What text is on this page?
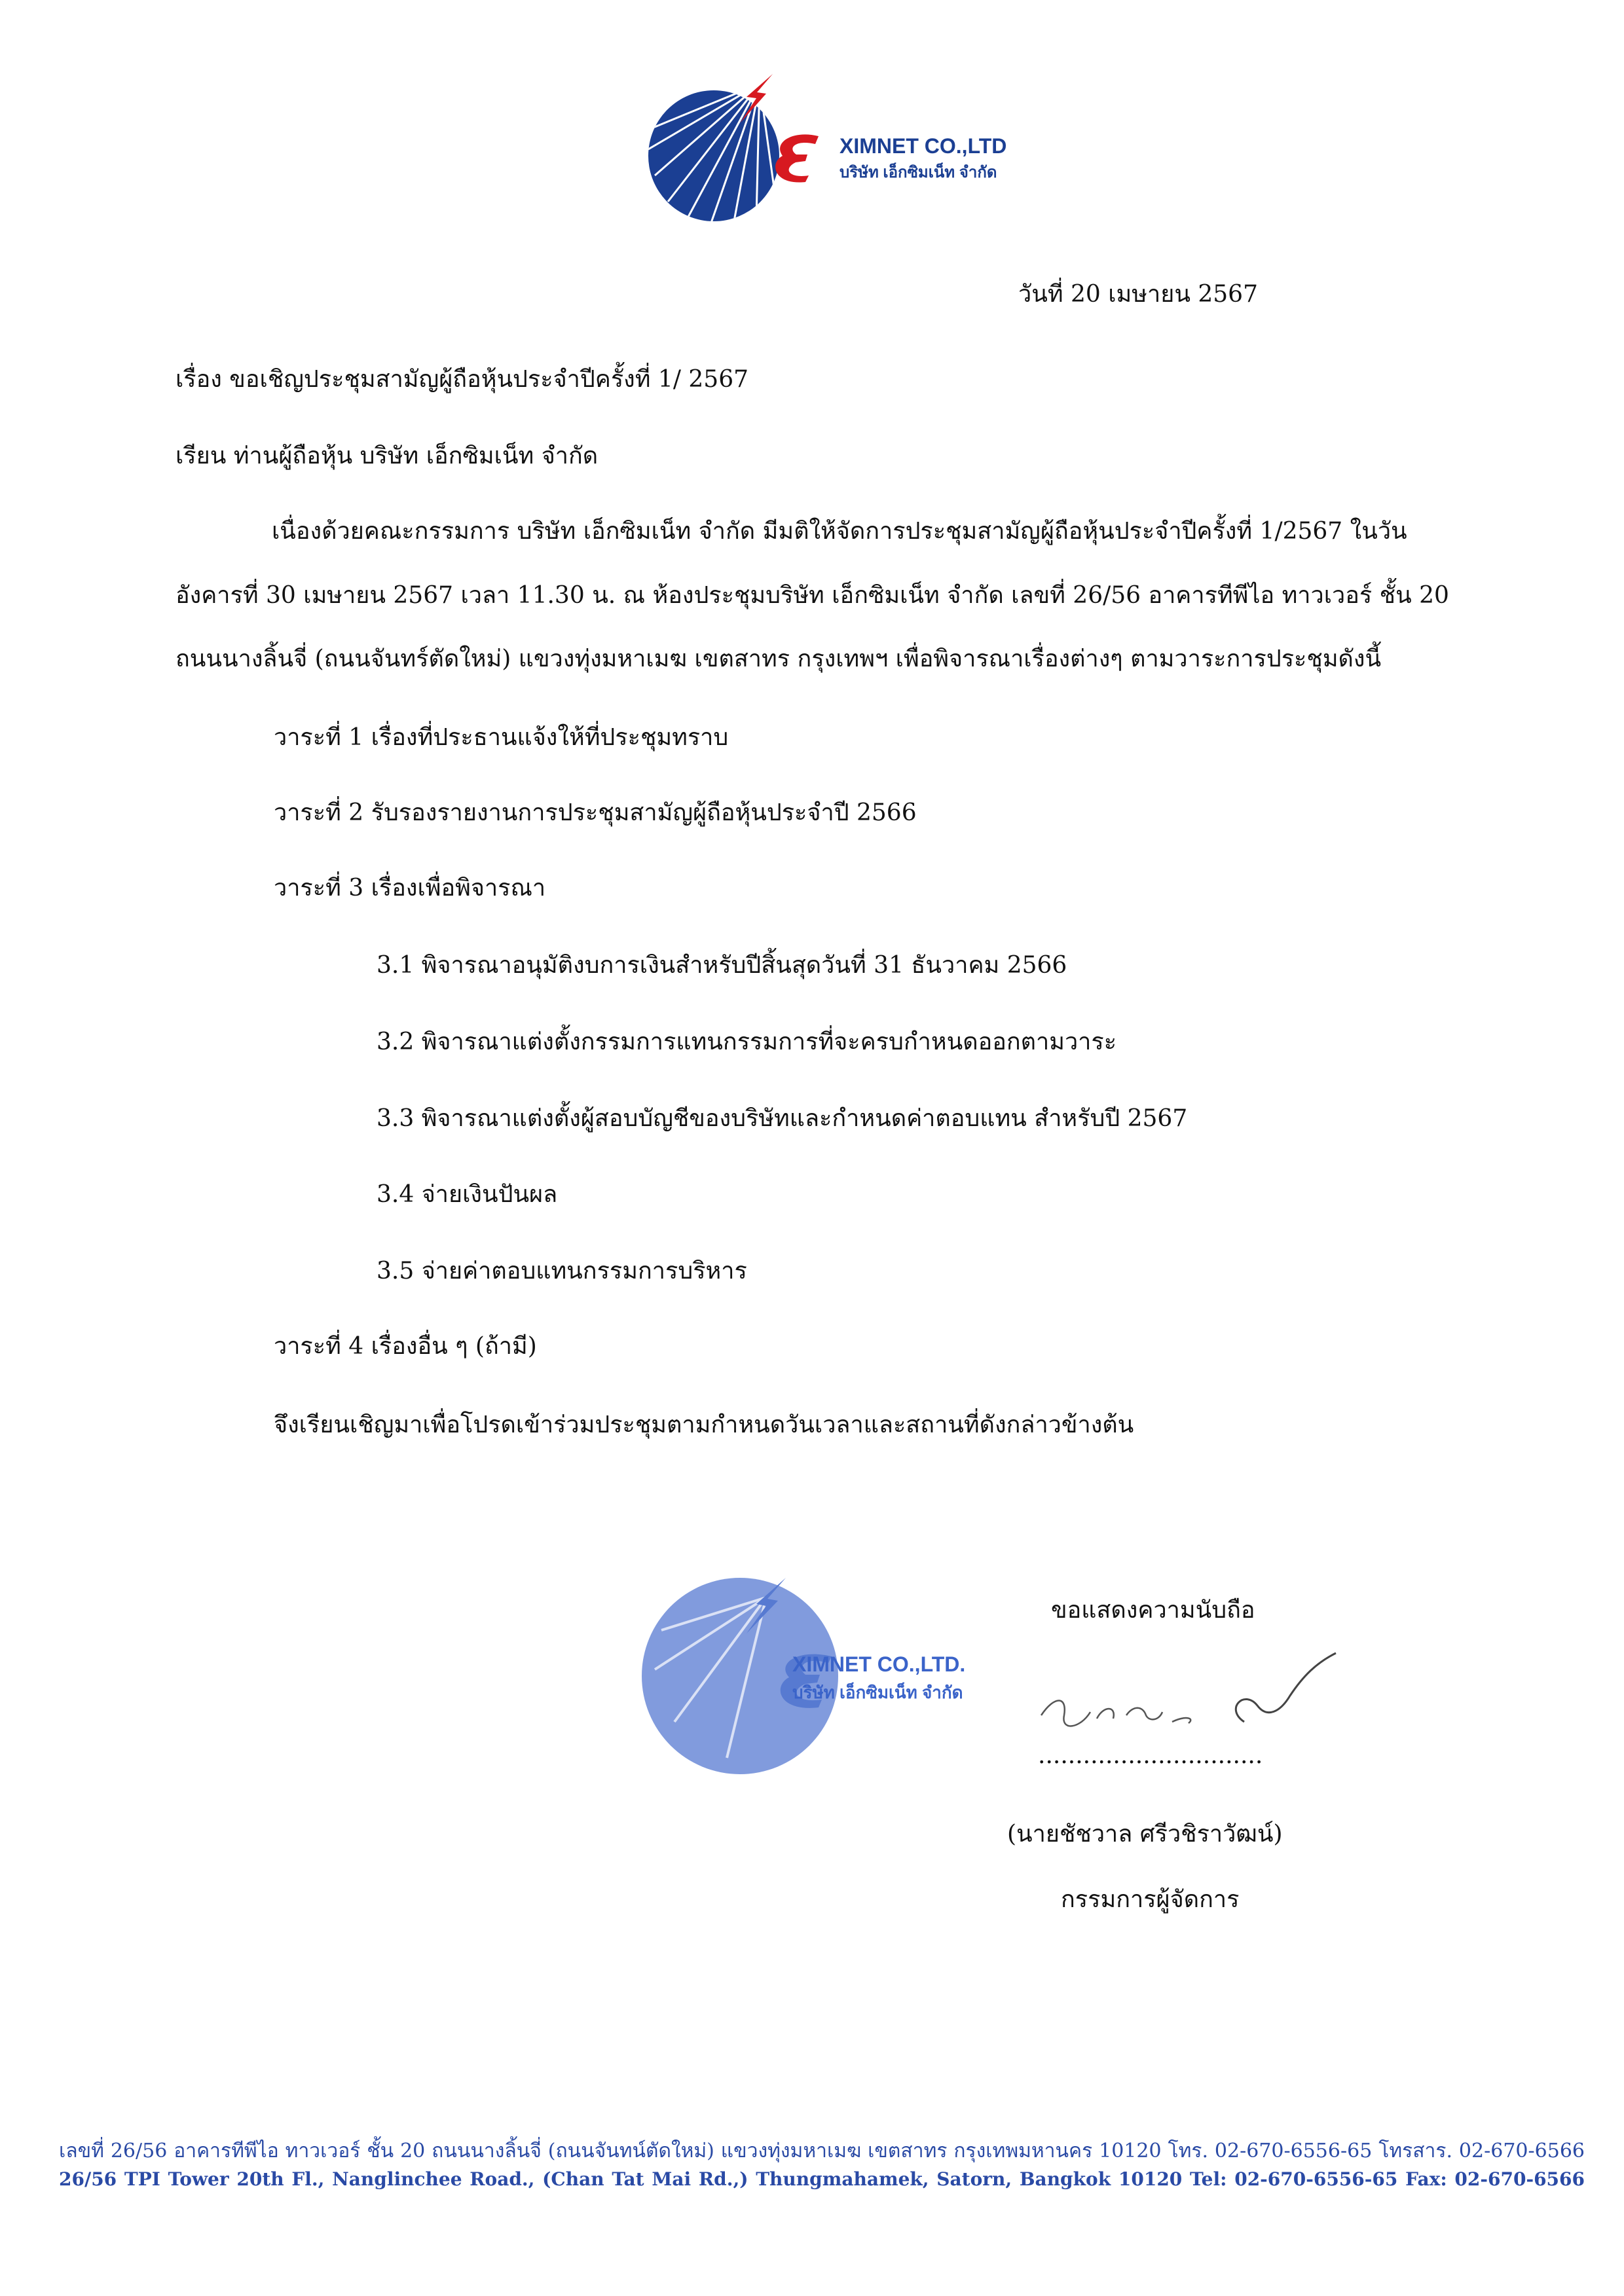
XIMNET CO.,LTD
บริษัท เอ็กซิมเน็ท จำกัด
วันที่ 20 เมษายน 2567
เรื่อง ขอเชิญประชุมสามัญผู้ถือหุ้นประจำปีครั้งที่ 1/ 2567
เรียน ท่านผู้ถือหุ้น บริษัท เอ็กซิมเน็ท จำกัด
เนื่องด้วยคณะกรรมการ บริษัท เอ็กซิมเน็ท จำกัด มีมติให้จัดการประชุมสามัญผู้ถือหุ้นประจำปีครั้งที่ 1/2567 ในวัน
อังคารที่ 30 เมษายน 2567 เวลา 11.30 น. ณ ห้องประชุมบริษัท เอ็กซิมเน็ท จำกัด เลขที่ 26/56 อาคารทีพีไอ ทาวเวอร์ ชั้น 20
ถนนนางลิ้นจี่ (ถนนจันทร์ตัดใหม่) แขวงทุ่งมหาเมฆ เขตสาทร กรุงเทพฯ เพื่อพิจารณาเรื่องต่างๆ ตามวาระการประชุมดังนี้
วาระที่ 1 เรื่องที่ประธานแจ้งให้ที่ประชุมทราบ
วาระที่ 2 รับรองรายงานการประชุมสามัญผู้ถือหุ้นประจำปี 2566
วาระที่ 3 เรื่องเพื่อพิจารณา
3.1 พิจารณาอนุมัติงบการเงินสำหรับปีสิ้นสุดวันที่ 31 ธันวาคม 2566
3.2 พิจารณาแต่งตั้งกรรมการแทนกรรมการที่จะครบกำหนดออกตามวาระ
3.3 พิจารณาแต่งตั้งผู้สอบบัญชีของบริษัทและกำหนดค่าตอบแทน สำหรับปี 2567
3.4 จ่ายเงินปันผล
3.5 จ่ายค่าตอบแทนกรรมการบริหาร
วาระที่ 4 เรื่องอื่น ๆ (ถ้ามี)
จึงเรียนเชิญมาเพื่อโปรดเข้าร่วมประชุมตามกำหนดวันเวลาและสถานที่ดังกล่าวข้างต้น
XIMNET CO.,LTD.
บริษัท เอ็กซิมเน็ท จำกัด
ขอแสดงความนับถือ
..............................
(นายชัชวาล ศรีวชิราวัฒน์)
กรรมการผู้จัดการ
เลขที่ 26/56 อาคารทีพีไอ ทาวเวอร์ ชั้น 20 ถนนนางลิ้นจี่ (ถนนจันทน์ตัดใหม่) แขวงทุ่งมหาเมฆ เขตสาทร กรุงเทพมหานคร 10120 โทร. 02-670-6556-65 โทรสาร. 02-670-6566
26/56 TPI Tower 20th Fl., Nanglinchee Road., (Chan Tat Mai Rd.,) Thungmahamek, Satorn, Bangkok 10120 Tel: 02-670-6556-65 Fax: 02-670-6566
